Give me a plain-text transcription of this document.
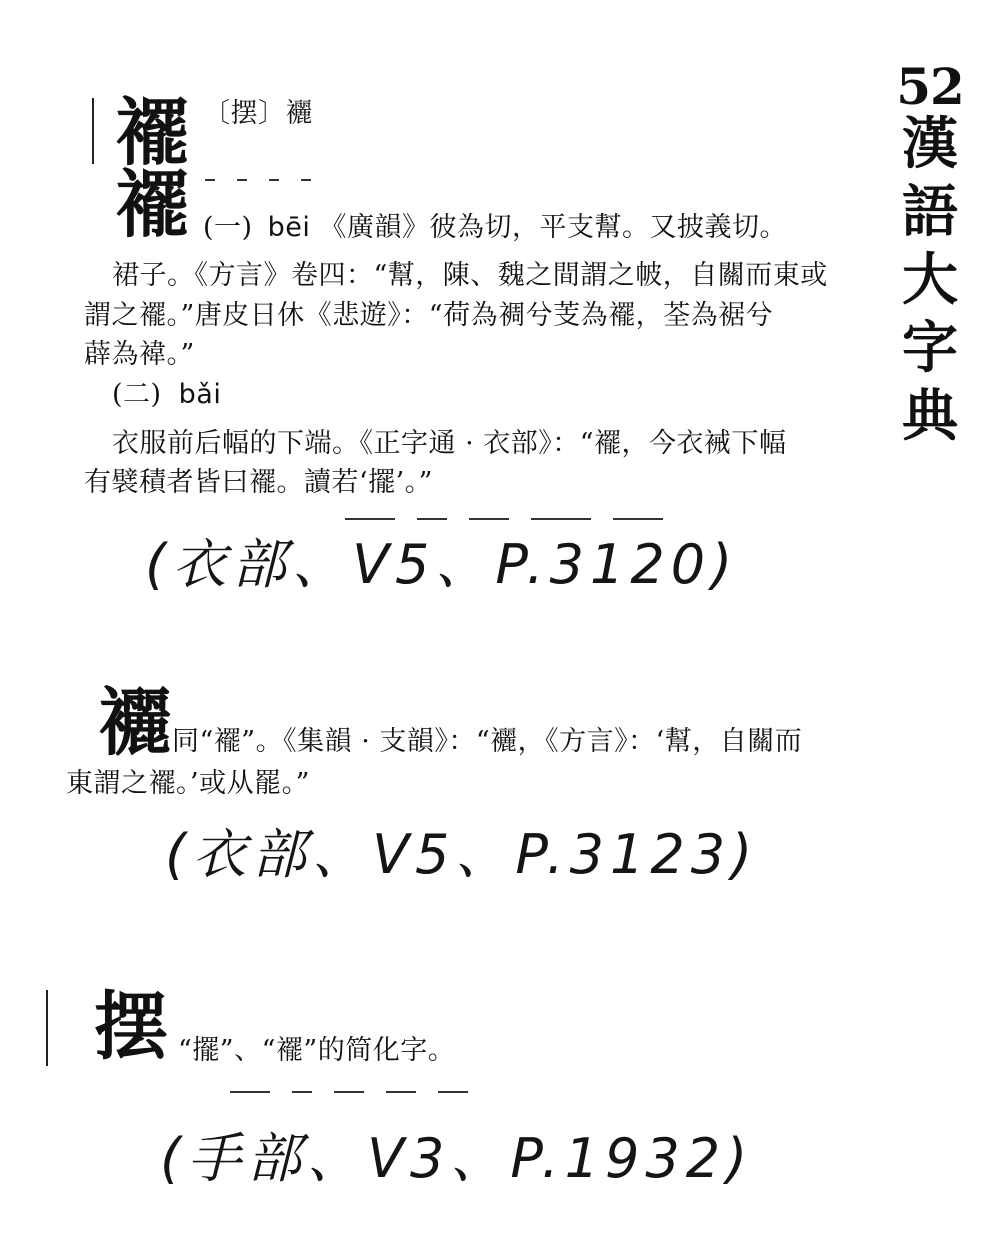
52
漢
語
大
字
典
襬 〔摆〕襹
襬 (一) bēi 《廣韻》彼為切，平支幫。又披義切。
裙子。《方言》卷四：“幫，陳、魏之間謂之帔，自關而東或
謂之襬。”唐皮日休《悲遊》：“荷為裯兮芰為襬，荃為裾兮
薜為褘。”
(二) bǎi
衣服前后幅的下端。《正字通 · 衣部》：“襬，今衣裓下幅
有襞積者皆曰襬。讀若‘擺’。”
(衣部、V5、P.3120)
襹 同“襬”。《集韻 · 支韻》：“襹，《方言》：‘幫，自關而
東謂之襬。’或从罷。”
(衣部、V5、P.3123)
摆 “擺”、“襬”的简化字。
(手部、V3、P.1932)
